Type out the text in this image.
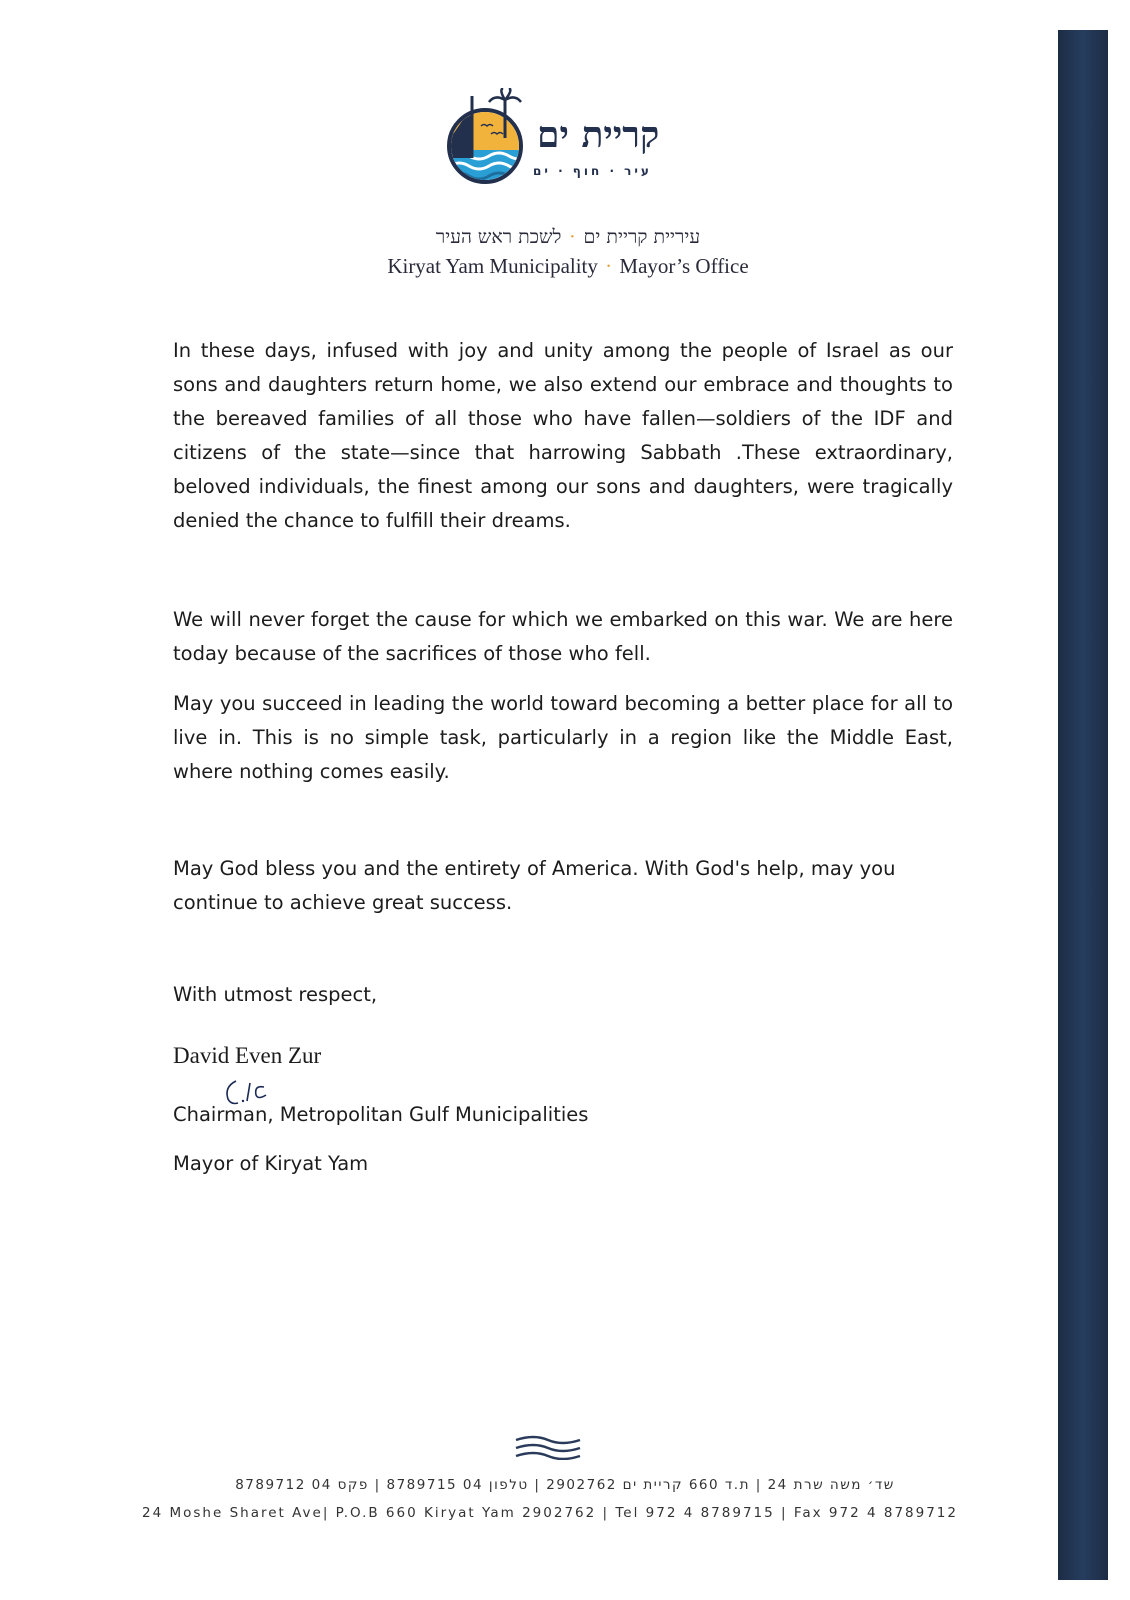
קריית ים
עיר · חוף · ים
עיריית קריית ים · לשכת ראש העיר
Kiryat Yam Municipality · Mayor’s Office
In these days, infused with joy and unity among the people of Israel as our sons and daughters return home, we also extend our embrace and thoughts to the bereaved families of all those who have fallen—soldiers of the IDF and citizens of the state—since that harrowing Sabbath .These extraordinary, beloved individuals, the finest among our sons and daughters, were tragically denied the chance to fulfill their dreams.
We will never forget the cause for which we embarked on this war. We are here today because of the sacrifices of those who fell.
May you succeed in leading the world toward becoming a better place for all to live in. This is no simple task, particularly in a region like the Middle East, where nothing comes easily.
May God bless you and the entirety of America. With God's help, may you continue to achieve great success.
With utmost respect,
David Even Zur
Chairman, Metropolitan Gulf Municipalities
Mayor of Kiryat Yam
שד׳ משה שרת 24 | ת.ד 660 קריית ים 2902762 | טלפון 04 8789715 | פקס 04 8789712
24 Moshe Sharet Ave| P.O.B 660 Kiryat Yam 2902762 | Tel 972 4 8789715 | Fax 972 4 8789712
